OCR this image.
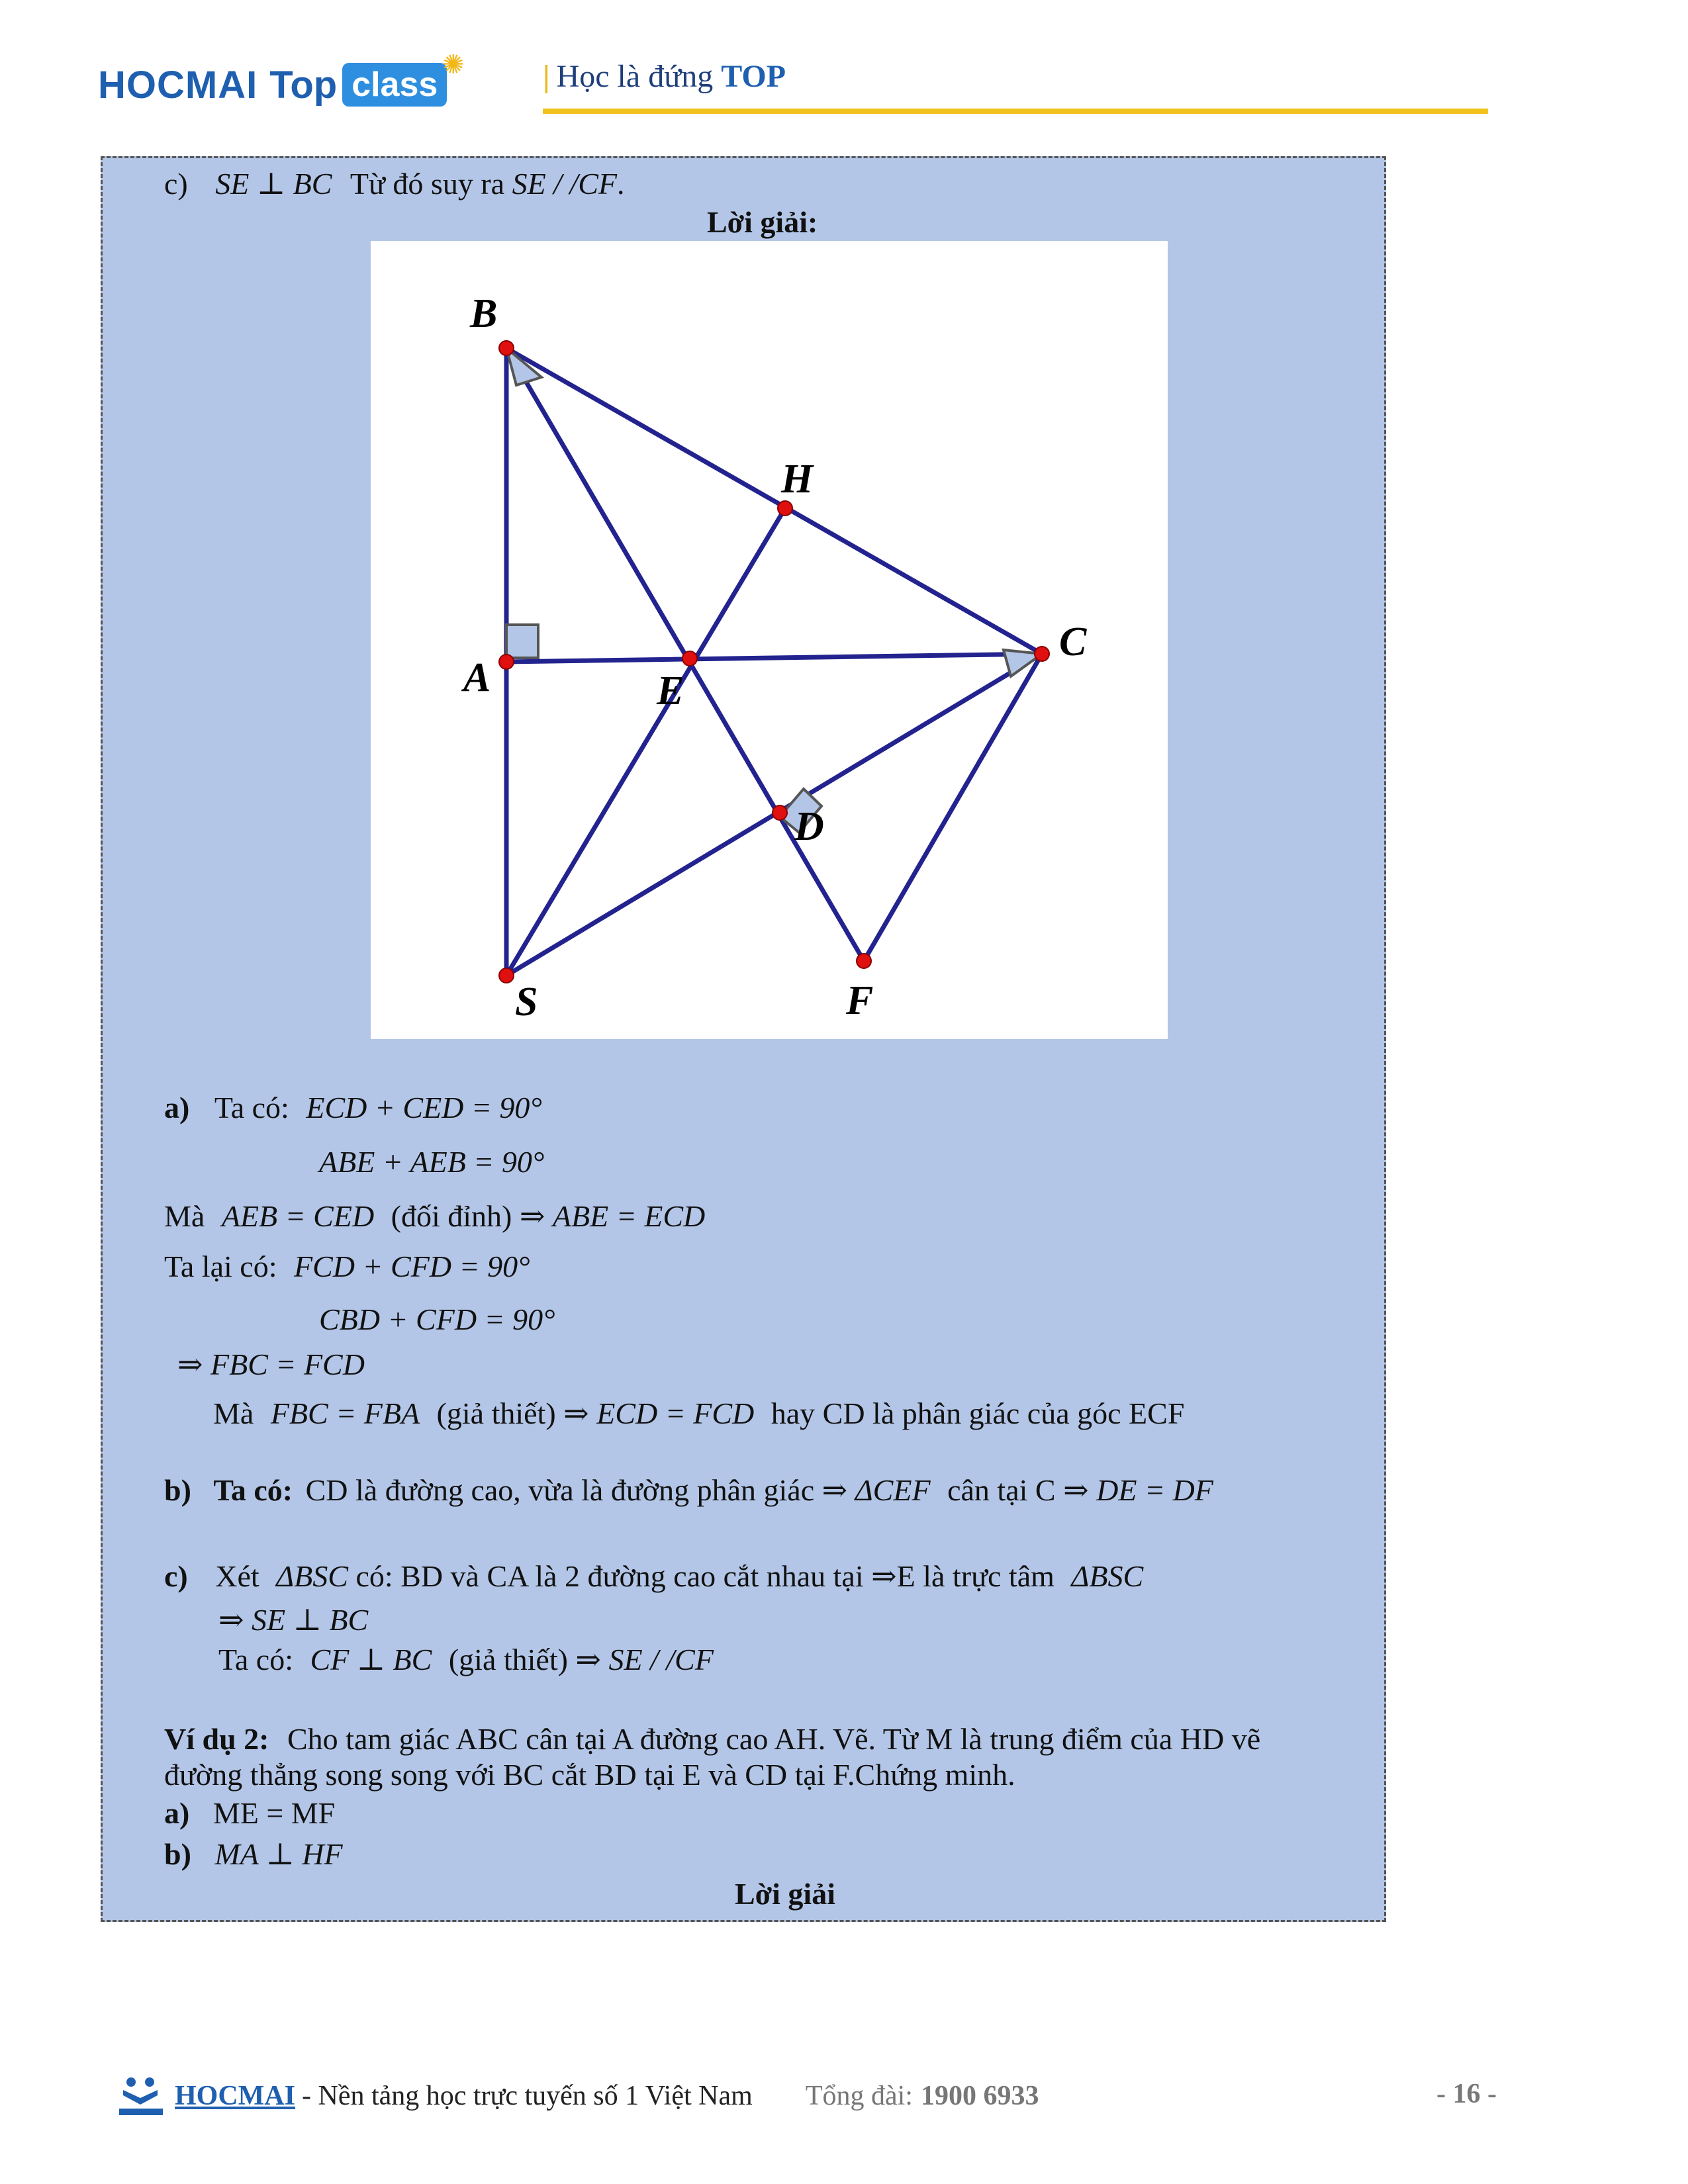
HOCMAI Top class
✺ | Học là đứng TOP
c) SE ⊥ BC Từ đó suy ra SE / /CF.
Lời giải:
B
H
A	E
C
D
S	F
a) Ta có: ECD + CED = 90°
ABE + AEB = 90°
Mà AEB = CED (đối đỉnh) ⇒ ABE = ECD
Ta lại có: FCD + CFD = 90°
CBD + CFD = 90°
⇒ FBC = FCD
Mà FBC = FBA (giả thiết) ⇒ ECD = FCD hay CD là phân giác của góc ECF
b) Ta có: CD là đường cao, vừa là đường phân giác ⇒ ΔCEF cân tại C ⇒ DE = DF
c) Xét ΔBSC có: BD và CA là 2 đường cao cắt nhau tại ⇒E là trực tâm ΔBSC
⇒ SE ⊥ BC
Ta có: CF ⊥ BC (giả thiết) ⇒ SE / /CF
Ví dụ 2: Cho tam giác ABC cân tại A đường cao AH. Vẽ. Từ M là trung điểm của HD vẽ
đường thẳng song song với BC cắt BD tại E và CD tại F.Chứng minh.
a) ME = MF
b) MA ⊥ HF
Lời giải
HOCMAI - Nền tảng học trực tuyến số 1 Việt Nam Tổng đài: 1900 6933	- 16 -
